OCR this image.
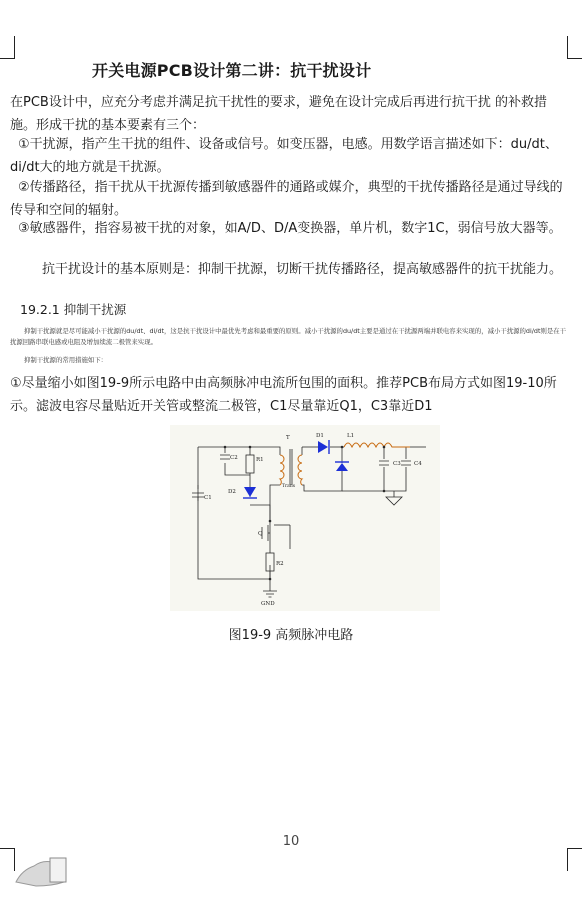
开关电源PCB设计第二讲：抗干扰设计
在PCB设计中，应充分考虑并满足抗干扰性的要求，避免在设计完成后再进行抗干扰 的补救措施。形成干扰的基本要素有三个：
①干扰源，指产生干扰的组件、设备或信号。如变压器，电感。用数学语言描述如下：du/dt、di/dt大的地方就是干扰源。
②传播路径，指干扰从干扰源传播到敏感器件的通路或媒介，典型的干扰传播路径是通过导线的传导和空间的辐射。
③敏感器件，指容易被干扰的对象，如A/D、D/A变换器，单片机，数字1C，弱信号放大器等。
抗干扰设计的基本原则是：抑制干扰源，切断干扰传播路径，提高敏感器件的抗干扰能力。
19.2.1 抑制干扰源
抑制干扰源就是尽可能减小干扰源的du/dt、di/dt，这是抗干扰设计中最优先考虑和最重要的原则。减小干扰源的du/dt主要是通过在干扰源两端并联电容来实现的，减小干扰源的di/dt则是在干扰源回路串联电感或电阻及增加续流二极管来实现。
抑制干扰源的常用措施如下：
①尽量缩小如图19-9所示电路中由高频脉冲电流所包围的面积。推荐PCB布局方式如图19-10所示。滤波电容尽量贴近开关管或整流二极管，C1尽量靠近Q1，C3靠近D1
T	D1	L1
C2	R1
C3 C4
D2
Trans
C1
Q
R2
GND
图19-9 高频脉冲电路
10
